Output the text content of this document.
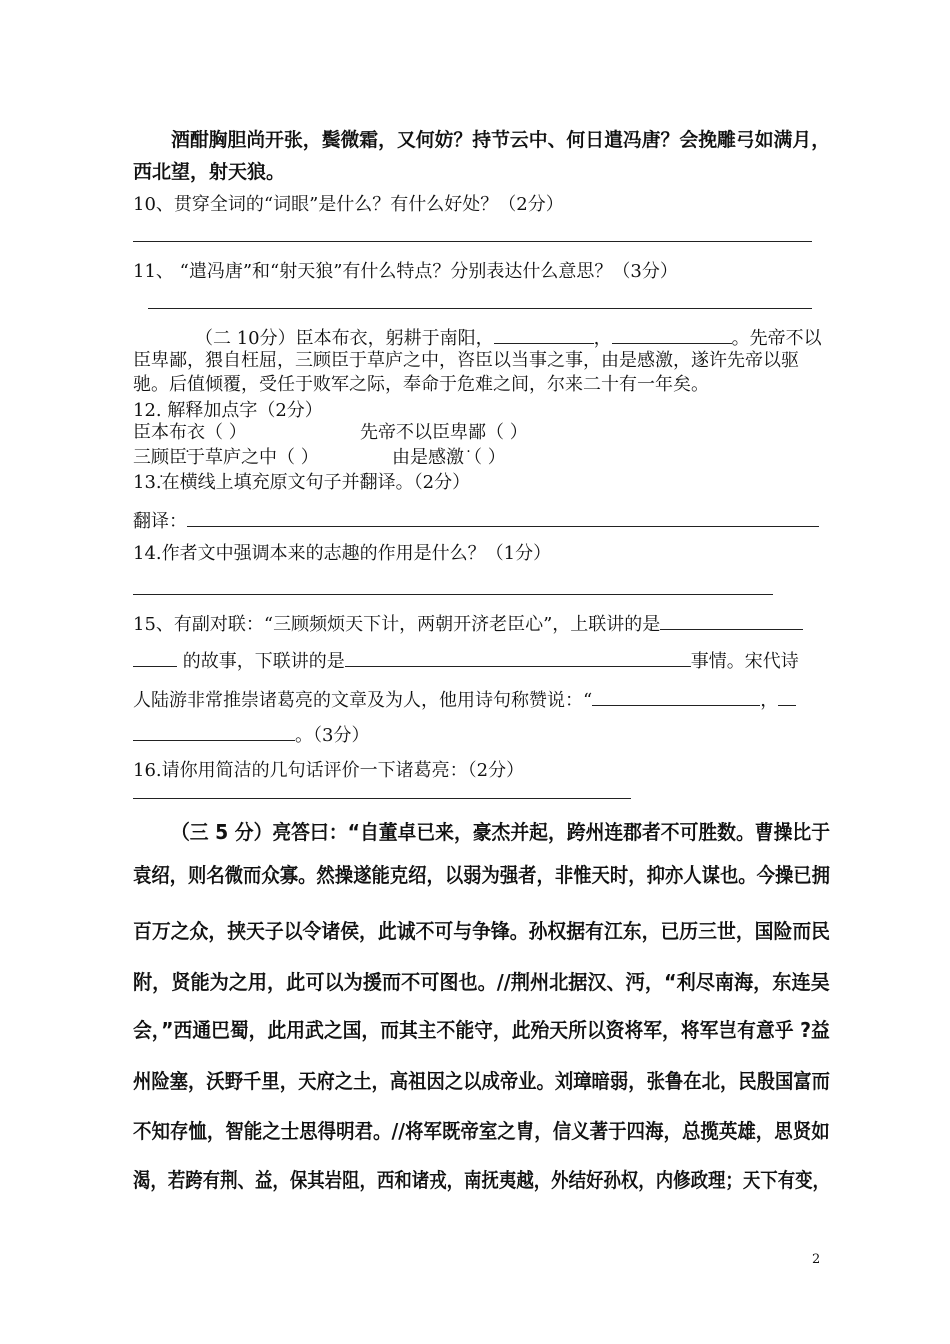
酒酣胸胆尚开张，鬓微霜，又何妨？持节云中、何日遣冯唐？会挽雕弓如满月，
西北望，射天狼。
10、贯穿全词的“词眼”是什么？有什么好处？（2分）
11、 “遣冯唐”和“射天狼”有什么特点？分别表达什么意思？（3分）
（二 10分）臣本布衣，躬耕于南阳，	，	。先帝不以
臣卑鄙，猥自枉屈，三顾臣于草庐之中，咨臣以当事之事，由是感激，遂许先帝以驱
驰。后值倾覆，受任于败军之际，奉命于危难之间，尔来二十有一年矣。
12. 解释加点字（2分）
臣本布衣（ ）	先帝不以臣卑鄙（ ）
三顾臣于草庐之中（ ）	由是感激（ ）
13.在横线上填充原文句子并翻译。（2分）
翻译：
14.作者文中强调本来的志趣的作用是什么？（1分）
15、有副对联：“三顾频烦天下计，两朝开济老臣心”，上联讲的是
的故事，下联讲的是	事情。宋代诗
人陆游非常推崇诸葛亮的文章及为人，他用诗句称赞说：“	，
。（3分）
16.请你用简洁的几句话评价一下诸葛亮：（2分）
（三 5 分）亮答曰：“自董卓已来，豪杰并起，跨州连郡者不可胜数。曹操比于
袁绍，则名微而众寡。然操遂能克绍，以弱为强者，非惟天时，抑亦人谋也。今操已拥
百万之众，挟天子以令诸侯，此诚不可与争锋。孙权据有江东，已历三世，国险而民
附，贤能为之用，此可以为援而不可图也。//荆州北据汉、沔，“利尽南海，东连吴
会，”西通巴蜀，此用武之国，而其主不能守，此殆天所以资将军，将军岂有意乎 ?益
州险塞，沃野千里，天府之土，高祖因之以成帝业。刘璋暗弱，张鲁在北，民殷国富而
不知存恤，智能之士思得明君。//将军既帝室之胄，信义著于四海，总揽英雄，思贤如
渴，若跨有荆、益，保其岩阻，西和诸戎，南抚夷越，外结好孙权，内修政理；天下有变，
2
